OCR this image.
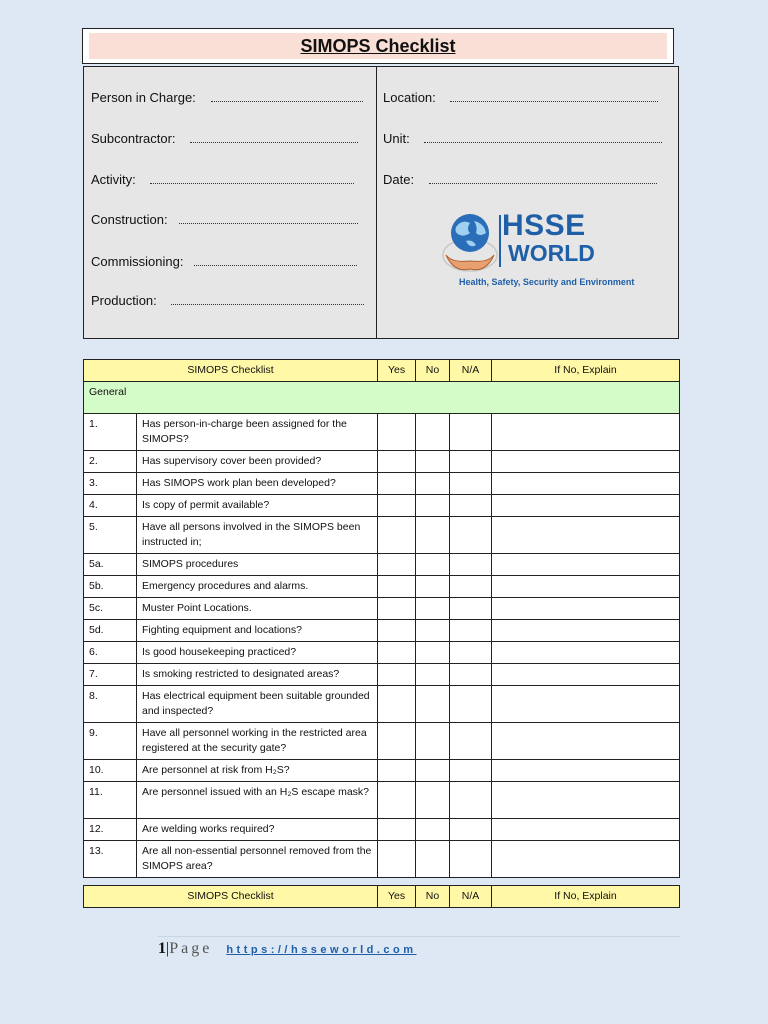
SIMOPS Checklist
Person in Charge:
Subcontractor:
Activity:
Construction:
Commissioning:
Production:
Location:
Unit:
Date:
HSSE
WORLD
Health, Safety, Security and Environment
SIMOPS Checklist		Yes	No	N/A	If No, Explain
General					
1.	Has person-in-charge been assigned for the SIMOPS?				
2.	Has supervisory cover been provided?				
3.	Has SIMOPS work plan been developed?				
4.	Is copy of permit available?				
5.	Have all persons involved in the SIMOPS been instructed in;				
5a.	SIMOPS procedures				
5b.	Emergency procedures and alarms.				
5c.	Muster Point Locations.				
5d.	Fighting equipment and locations?				
6.	Is good housekeeping practiced?				
7.	Is smoking restricted to designated areas?				
8.	Has electrical equipment been suitable grounded and inspected?				
9.	Have all personnel working in the restricted area registered at the security gate?				
10.	Are personnel at risk from H₂S?				
11.	Are personnel issued with an H₂S escape mask?				
12.	Are welding works required?				
13.	Are all non-essential personnel removed from the SIMOPS area?				
SIMOPS Checklist	Yes	No	N/A	If No, Explain
1|Page https://hsseworld.com
